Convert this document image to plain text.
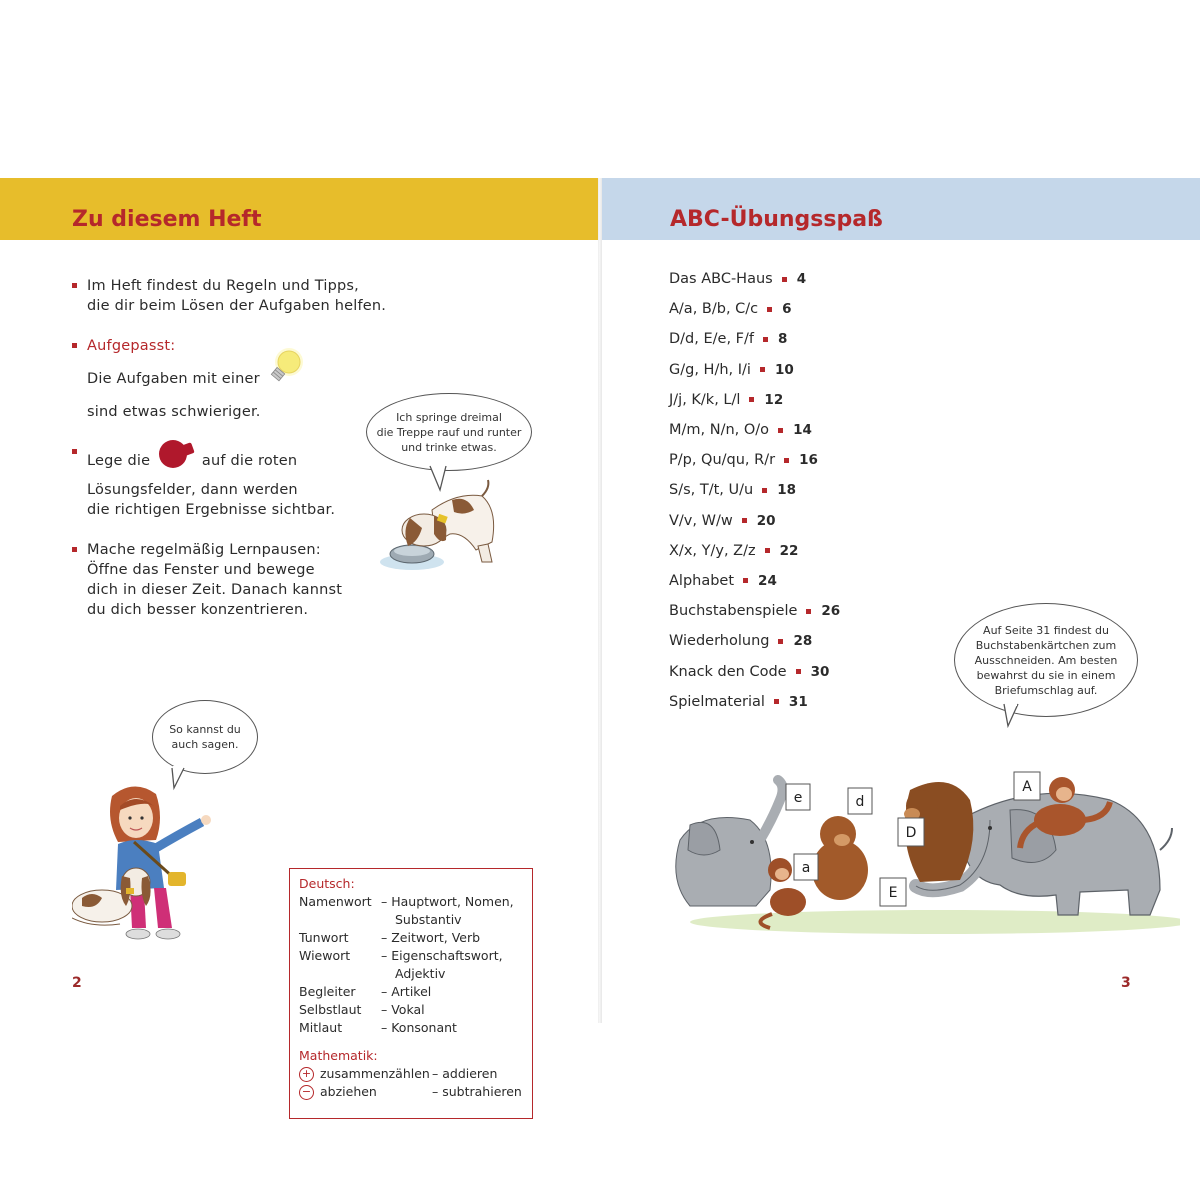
Zu diesem Heft
Im Heft findest du Regeln und Tipps,
die dir beim Lösen der Aufgaben helfen.
Aufgepasst:
Die Aufgaben mit einer
sind etwas schwieriger.
Lege die	auf die roten
Lösungsfelder, dann werden
die richtigen Ergebnisse sichtbar.
Mache regelmäßig Lernpausen:
Öffne das Fenster und bewege
dich in dieser Zeit. Danach kannst
du dich besser konzentrieren.
Ich springe dreimal
die Treppe rauf und runter
und trinke etwas.
So kannst du
auch sagen.
Deutsch:
Namenwort – Hauptwort, Nomen,
Substantiv
Tunwort	– Zeitwort, Verb
Wiewort	– Eigenschaftswort,
Adjektiv
Begleiter	– Artikel
Selbstlaut	– Vokal
Mitlaut	– Konsonant
Mathematik:
+ zusammenzählen – addieren
− abziehen	– subtrahieren
2
ABC-Übungsspaß
Das ABC-Haus 4
A/a, B/b, C/c 6
D/d, E/e, F/f 8
G/g, H/h, I/i 10
J/j, K/k, L/l 12
M/m, N/n, O/o 14
P/p, Qu/qu, R/r 16
S/s, T/t, U/u 18
V/v, W/w 20
X/x, Y/y, Z/z 22
Alphabet 24
Buchstabenspiele 26
Wiederholung 28
Knack den Code 30
Spielmaterial 31
Auf Seite 31 findest du
Buchstabenkärtchen zum
Ausschneiden. Am besten
bewahrst du sie in einem
Briefumschlag auf.
e	d
D
a
A
E
3
